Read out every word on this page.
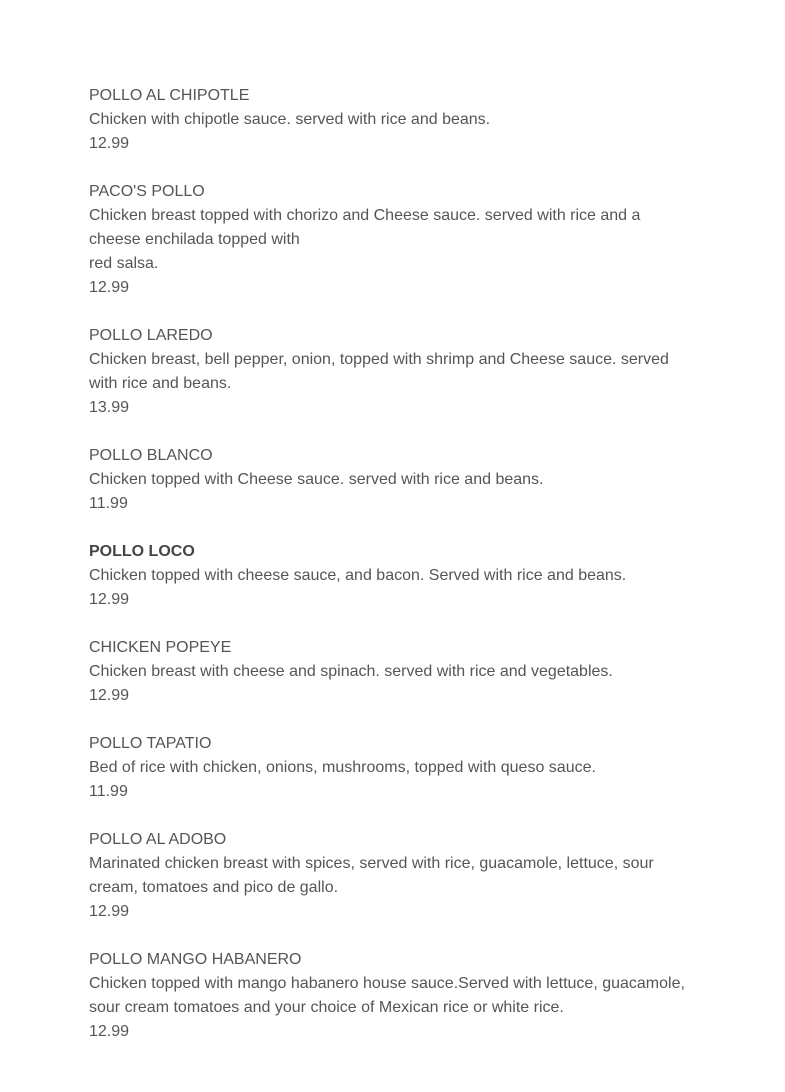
POLLO AL CHIPOTLE
Chicken with chipotle sauce. served with rice and beans.
12.99
PACO'S POLLO
Chicken breast topped with chorizo and Cheese sauce. served with rice and a cheese enchilada topped with
red salsa.
12.99
POLLO LAREDO
Chicken breast, bell pepper, onion, topped with shrimp and Cheese sauce. served with rice and beans.
13.99
POLLO BLANCO
Chicken topped with Cheese sauce. served with rice and beans.
11.99
POLLO LOCO
Chicken topped with cheese sauce, and bacon. Served with rice and beans.
12.99
CHICKEN POPEYE
Chicken breast with cheese and spinach. served with rice and vegetables.
12.99
POLLO TAPATIO
Bed of rice with chicken, onions, mushrooms, topped with queso sauce.
11.99
POLLO AL ADOBO
Marinated chicken breast with spices, served with rice, guacamole, lettuce, sour cream, tomatoes and pico de gallo.
12.99
POLLO MANGO HABANERO
Chicken topped with mango habanero house sauce.Served with lettuce, guacamole, sour cream tomatoes and your choice of Mexican rice or white rice.
12.99
